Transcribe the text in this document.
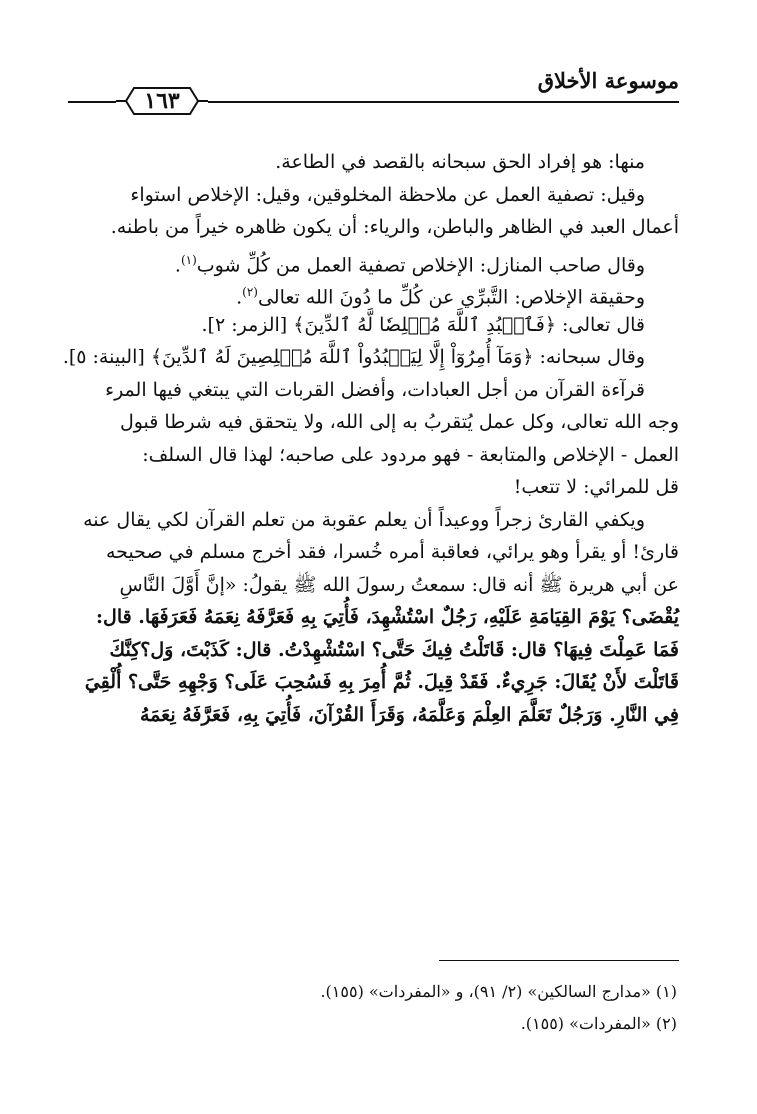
موسوعة الأخلاق
١٦٣
منها: هو إفراد الحق سبحانه بالقصد في الطاعة.
وقيل: تصفية العمل عن ملاحظة المخلوقين، وقيل: الإخلاص استواء
أعمال العبد في الظاهر والباطن، والرياء: أن يكون ظاهره خيراً من باطنه.
وقال صاحب المنازل: الإخلاص تصفية العمل من كُلِّ شوب$^{(١)}$.
وحقيقة الإخلاص: التَّبرِّي عن كُلِّ ما دُونَ الله تعالى$^{(٢)}$.
قال تعالى: ﴿فَٱعۡبُدِ ٱللَّهَ مُخۡلِصٗا لَّهُ ٱلدِّينَ﴾ [الزمر: ٢].
وقال سبحانه: ﴿وَمَآ أُمِرُوٓاْ إِلَّا لِيَعۡبُدُواْ ٱللَّهَ مُخۡلِصِينَ لَهُ ٱلدِّينَ﴾ [البينة: ٥].
قرآءة القرآن من أجل العبادات، وأفضل القربات التي يبتغي فيها المرء
وجه الله تعالى، وكل عمل يُتقربُ به إلى الله، ولا يتحقق فيه شرطا قبول
العمل - الإخلاص والمتابعة - فهو مردود على صاحبه؛ لهذا قال السلف:
قل للمرائي: لا تتعب!
ويكفي القارئ زجراً ووعيداً أن يعلم عقوبة من تعلم القرآن لكي يقال عنه
قارئ! أو يقرأ وهو يرائي، فعاقبة أمره خُسرا، فقد أخرج مسلم في صحيحه
عن أبي هريرة ﷺ أنه قال: سمعتُ رسولَ الله ﷺ يقولُ: «إنَّ أَوَّلَ النَّاسِ
يُقْضَى؟ يَوْمَ القِيَامَةِ عَلَيْهِ، رَجُلٌ اسْتُشْهِدَ، فَأُتِيَ بِهِ فَعَرَّفَهُ نِعَمَهُ فَعَرَفَهَا. قال:
فَمَا عَمِلْتَ فِيهَا؟ قال: قَاتَلْتُ فِيكَ حَتَّى؟ اسْتُشْهِدْتُ. قال: كَذَبْتَ، وَل؟كِنَّكَ
قَاتَلْتَ لأَنْ يُقَالَ: جَرِيءٌ. فَقَدْ قِيلَ. ثُمَّ أُمِرَ بِهِ فَسُحِبَ عَلَى؟ وَجْهِهِ حَتَّى؟ أُلْقِيَ
فِي النَّارِ. وَرَجُلٌ تَعَلَّمَ العِلْمَ وَعَلَّمَهُ، وَقَرَأَ القُرْآنَ، فَأُتِيَ بِهِ، فَعَرَّفَهُ نِعَمَهُ
(١) «مدارج السالكين» (٢/ ٩١)، و «المفردات» (١٥٥).
(٢) «المفردات» (١٥٥).
